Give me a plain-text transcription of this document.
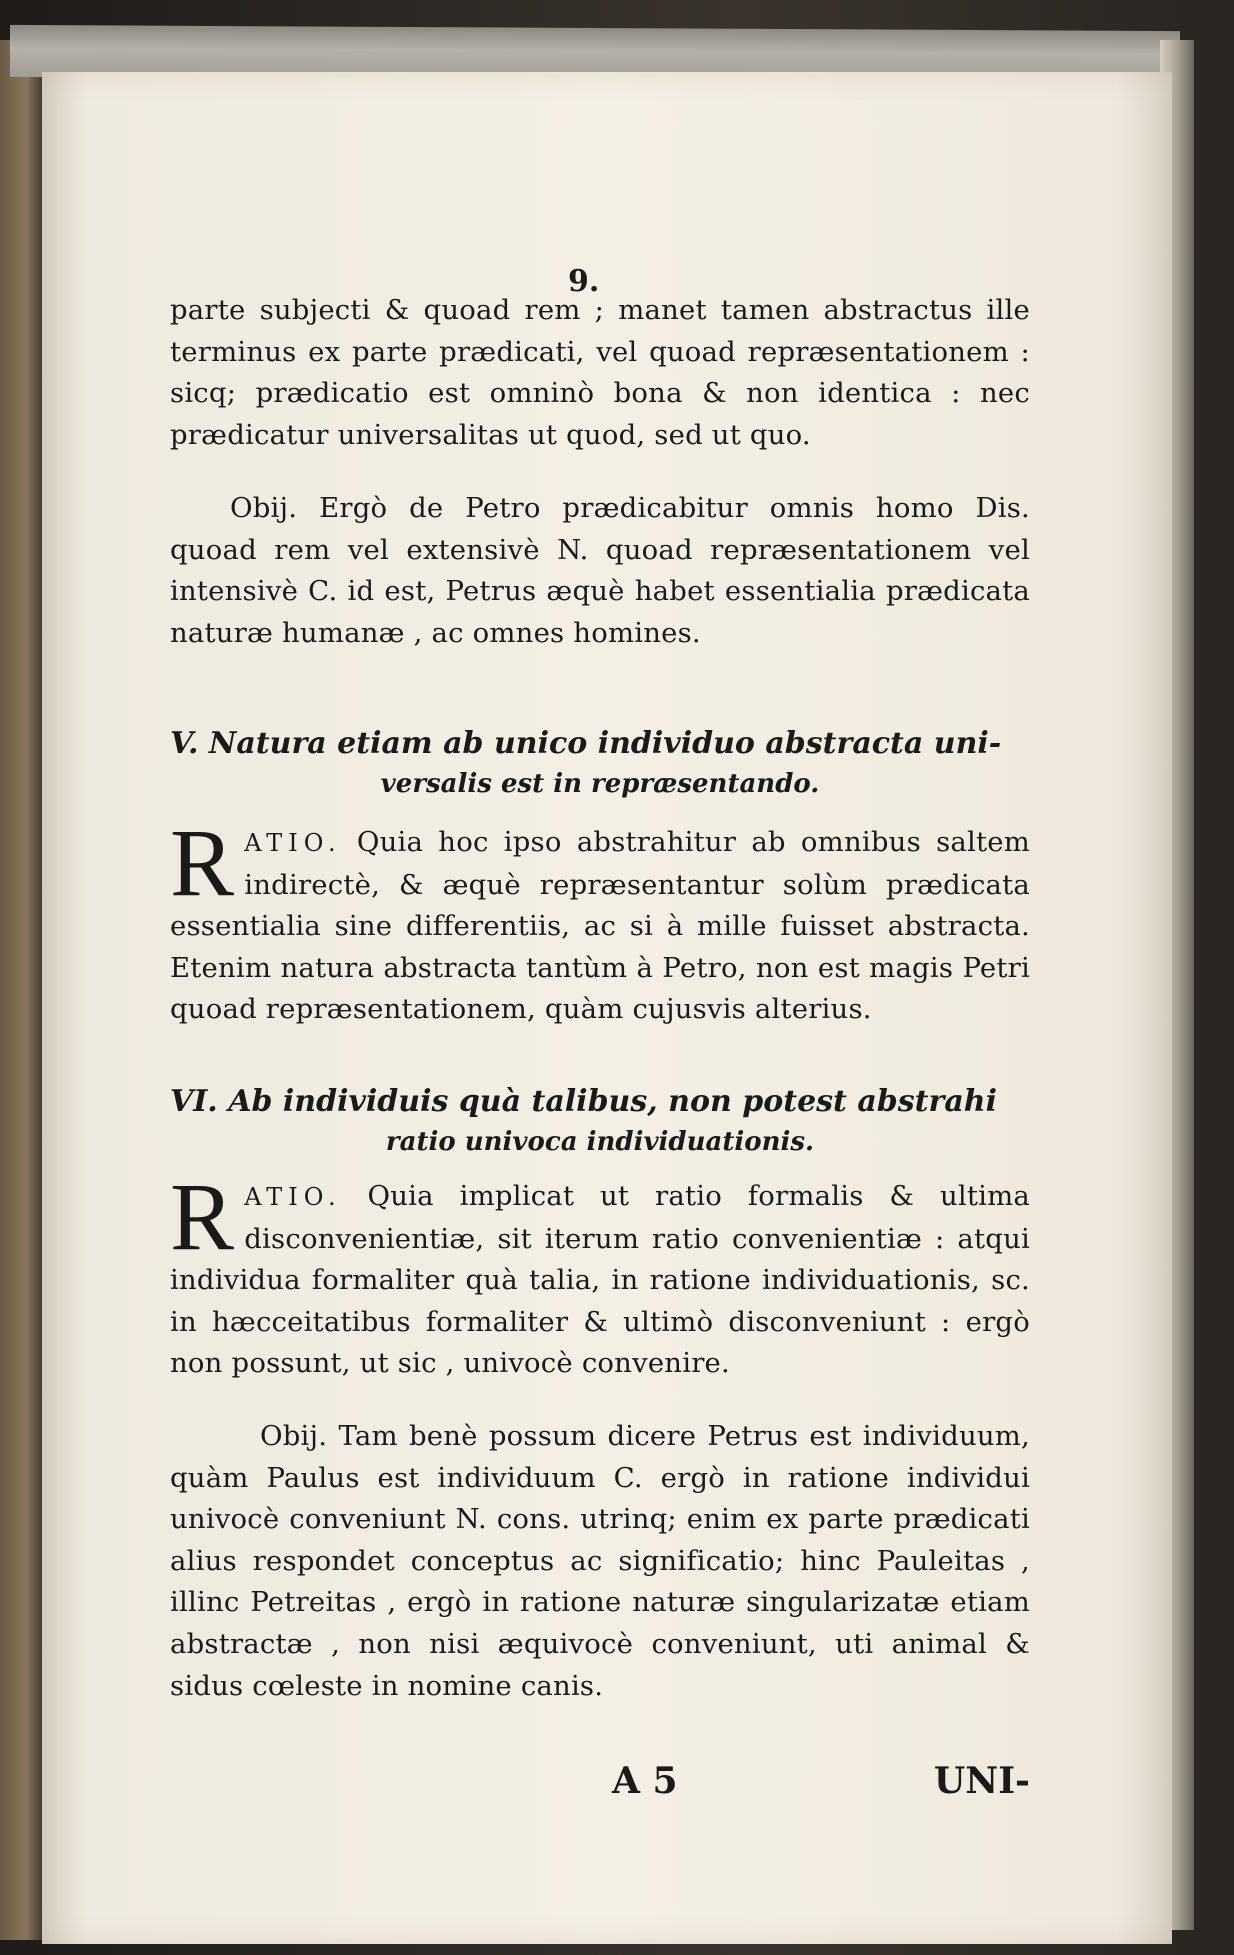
9.

parte subjecti & quoad rem ; manet tamen abstractus ille terminus ex parte prædicati, vel quoad repræsentationem : sicq; prædicatio est omninò bona & non identica : nec prædicatur universalitas ut quod, sed ut quo.

Obij. Ergò de Petro prædicabitur omnis homo Dis. quoad rem vel extensivè N. quoad repræsentationem vel intensivè C. id est, Petrus æquè habet essentialia prædicata naturæ humanæ , ac omnes homines.

V. Natura etiam ab unico individuo abstracta uni-
versalis est in repræsentando.

RATIO. Quia hoc ipso abstrahitur ab omnibus saltem indirectè, & æquè repræsentantur solùm prædicata essentialia sine differentiis, ac si à mille fuisset abstracta. Etenim natura abstracta tantùm à Petro, non est magis Petri quoad repræsentationem, quàm cujusvis alterius.

VI. Ab individuis quà talibus, non potest abstrahi
ratio univoca individuationis.

RATIO. Quia implicat ut ratio formalis & ultima disconvenientiæ, sit iterum ratio convenientiæ : atqui individua formaliter quà talia, in ratione individuationis, sc. in hæcceitatibus formaliter & ultimò disconveniunt : ergò non possunt, ut sic , univocè convenire.

Obij. Tam benè possum dicere Petrus est individuum, quàm Paulus est individuum C. ergò in ratione individui univocè conveniunt N. cons. utrinq; enim ex parte prædicati alius respondet conceptus ac significatio; hinc Pauleitas , illinc Petreitas , ergò in ratione naturæ singularizatæ etiam abstractæ , non nisi æquivocè conveniunt, uti animal & sidus cœleste in nomine canis.

A 5	UNI-
